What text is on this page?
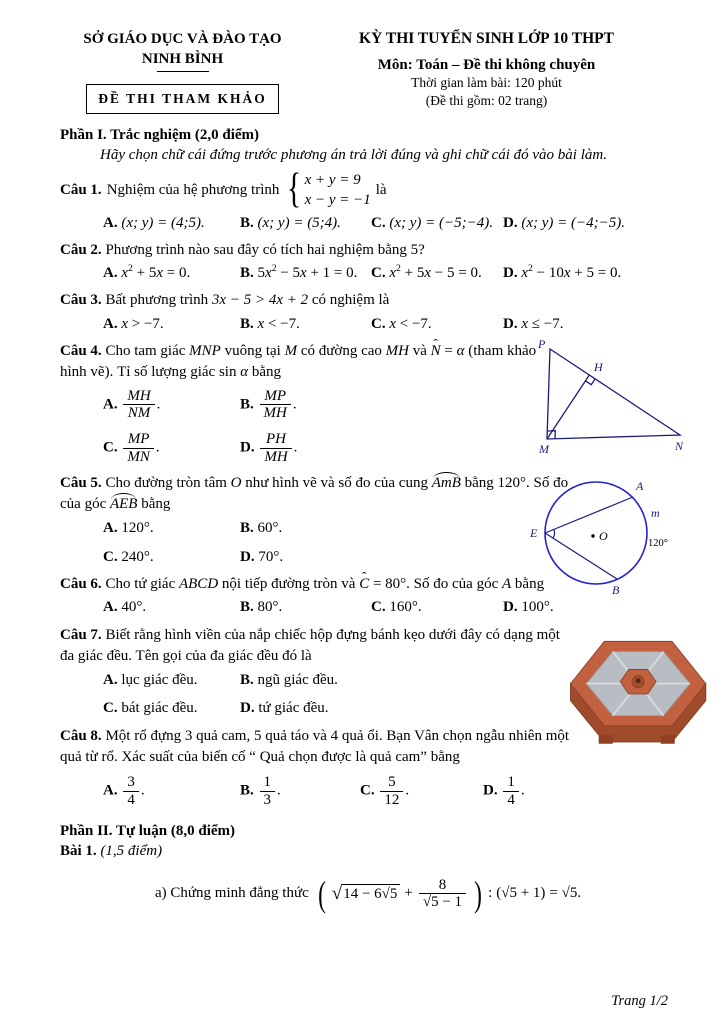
SỞ GIÁO DỤC VÀ ĐÀO TẠO
NINH BÌNH
ĐỀ THI THAM KHẢO
KỲ THI TUYỂN SINH LỚP 10 THPT
Môn: Toán – Đề thi không chuyên
Thời gian làm bài: 120 phút
(Đề thi gồm: 02 trang)
Phần I. Trắc nghiệm (2,0 điểm)
Hãy chọn chữ cái đứng trước phương án trả lời đúng và ghi chữ cái đó vào bài làm.
Câu 1. Nghiệm của hệ phương trình { x + y = 9
x − y = −1
là
A. (x; y) = (4;5).	B. (x; y) = (5;4).	C. (x; y) = (−5;−4). D. (x; y) = (−4;−5).
Câu 2. Phương trình nào sau đây có tích hai nghiệm bằng 5?
A. $x^2 + 5x = 0$.	B. $5x^2 - 5x + 1 = 0$. C. $x^2 + 5x - 5 = 0$.	D. $x^2 - 10x + 5 = 0$.
Câu 3. Bất phương trình 3x − 5 > 4x + 2 có nghiệm là
A. x > −7.	B. x < −7.	C. x < −7.	D. x ≤ −7.
P
M	N
H
Câu 4. Cho tam giác MNP vuông tại M có đường cao MH và N ˆ = α (tham khảo hình vẽ). Tỉ số lượng giác sin α bằng
A. $\frac{MH}{NM}$ .	B. $\frac{MP}{MH}$ .
C. $\frac{MP}{MN}$ .	D. $\frac{PH}{MH}$ .
A
B
E	O
m
120°
Câu 5. Cho đường tròn tâm O như hình vẽ và số đo của cung AmB bằng 120°. Số đo của góc AEB bằng
A. 120°.	B. 60°.
C. 240°.	D. 70°.
Câu 6. Cho tứ giác ABCD nội tiếp đường tròn và C ˆ = 80°. Số đo của góc A bằng
A. 40°.	B. 80°.	C. 160°.	D. 100°.
Câu 7. Biết rằng hình viền của nắp chiếc hộp đựng bánh kẹo dưới đây có dạng một đa giác đều. Tên gọi của đa giác đều đó là
A. lục giác đều.	B. ngũ giác đều.
C. bát giác đều.	D. tứ giác đều.
Câu 8. Một rổ đựng 3 quả cam, 5 quả táo và 4 quả ổi. Bạn Vân chọn ngẫu nhiên một quả từ rổ. Xác suất của biến cố “ Quả chọn được là quả cam” bằng
A. $\frac{3}{4}$ .	B. $\frac{1}{3}$ .	C. $\frac{5}{12}$ .	D. $\frac{1}{4}$ .
Phần II. Tự luận (8,0 điểm)
Bài 1. (1,5 điểm)
a) Chứng minh đẳng thức ( √ $14 - 6√5 + \frac{8}{√5 - 1}$ ) : (√5 + 1) = √5.
Trang 1/2
